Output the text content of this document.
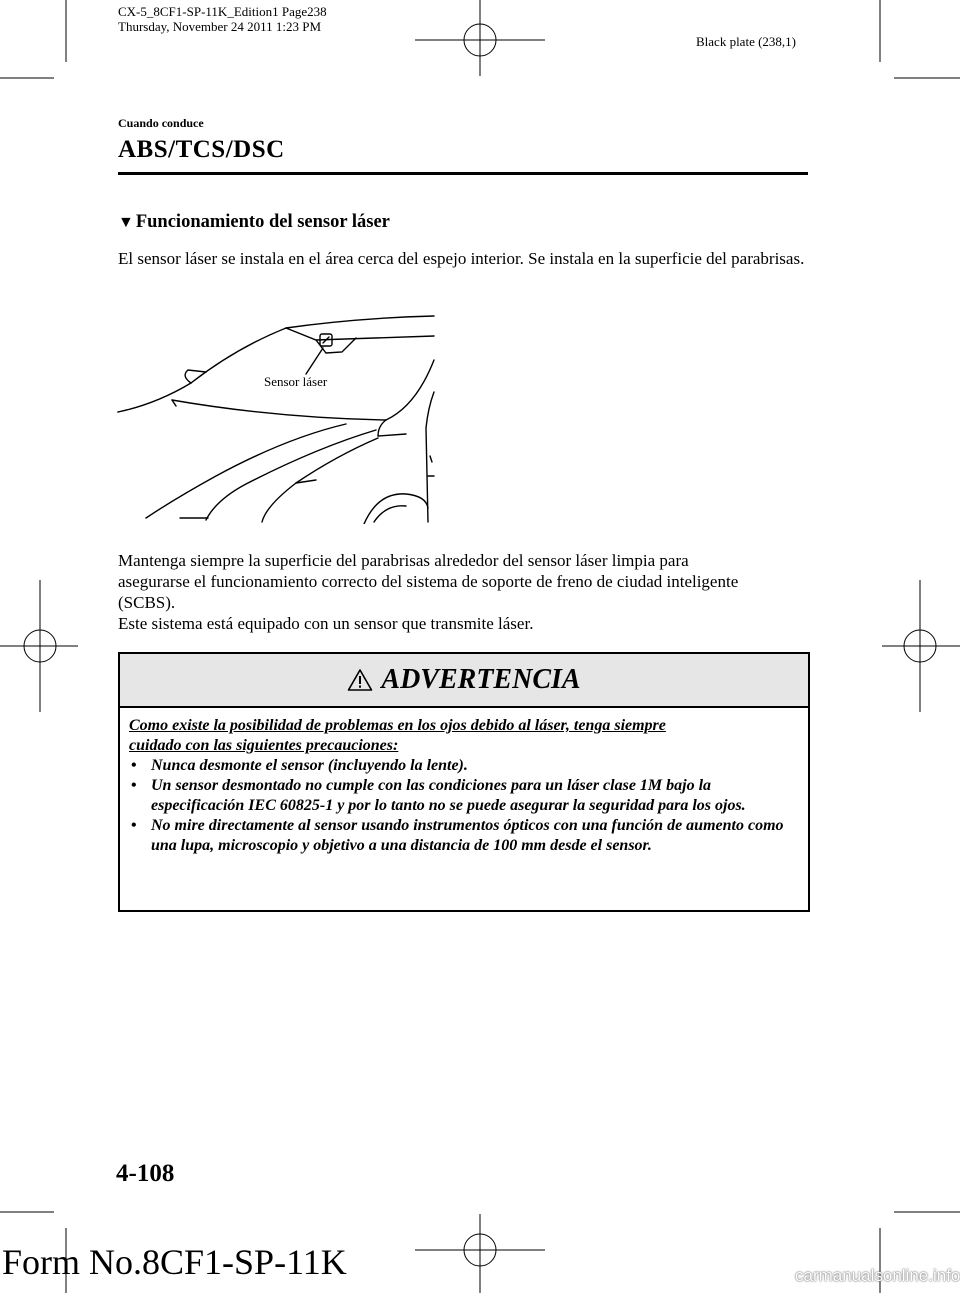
CX-5_8CF1-SP-11K_Edition1 Page238
Thursday, November 24 2011 1:23 PM
Black plate (238,1)
Cuando conduce
ABS/TCS/DSC
▼ Funcionamiento del sensor láser
El sensor láser se instala en el área cerca del espejo interior. Se instala en la superficie del parabrisas.
Sensor láser
Mantenga siempre la superficie del parabrisas alrededor del sensor láser limpia para
asegurarse el funcionamiento correcto del sistema de soporte de freno de ciudad inteligente
(SCBS).
Este sistema está equipado con un sensor que transmite láser.
ADVERTENCIA
Como existe la posibilidad de problemas en los ojos debido al láser, tenga siempre
cuidado con las siguientes precauciones:
• Nunca desmonte el sensor (incluyendo la lente).
• Un sensor desmontado no cumple con las condiciones para un láser clase 1M bajo la especificación IEC 60825-1 y por lo tanto no se puede asegurar la seguridad para los ojos.
• No mire directamente al sensor usando instrumentos ópticos con una función de aumento como una lupa, microscopio y objetivo a una distancia de 100 mm desde el sensor.
4-108
Form No.8CF1-SP-11K	carmanualsonline.info
